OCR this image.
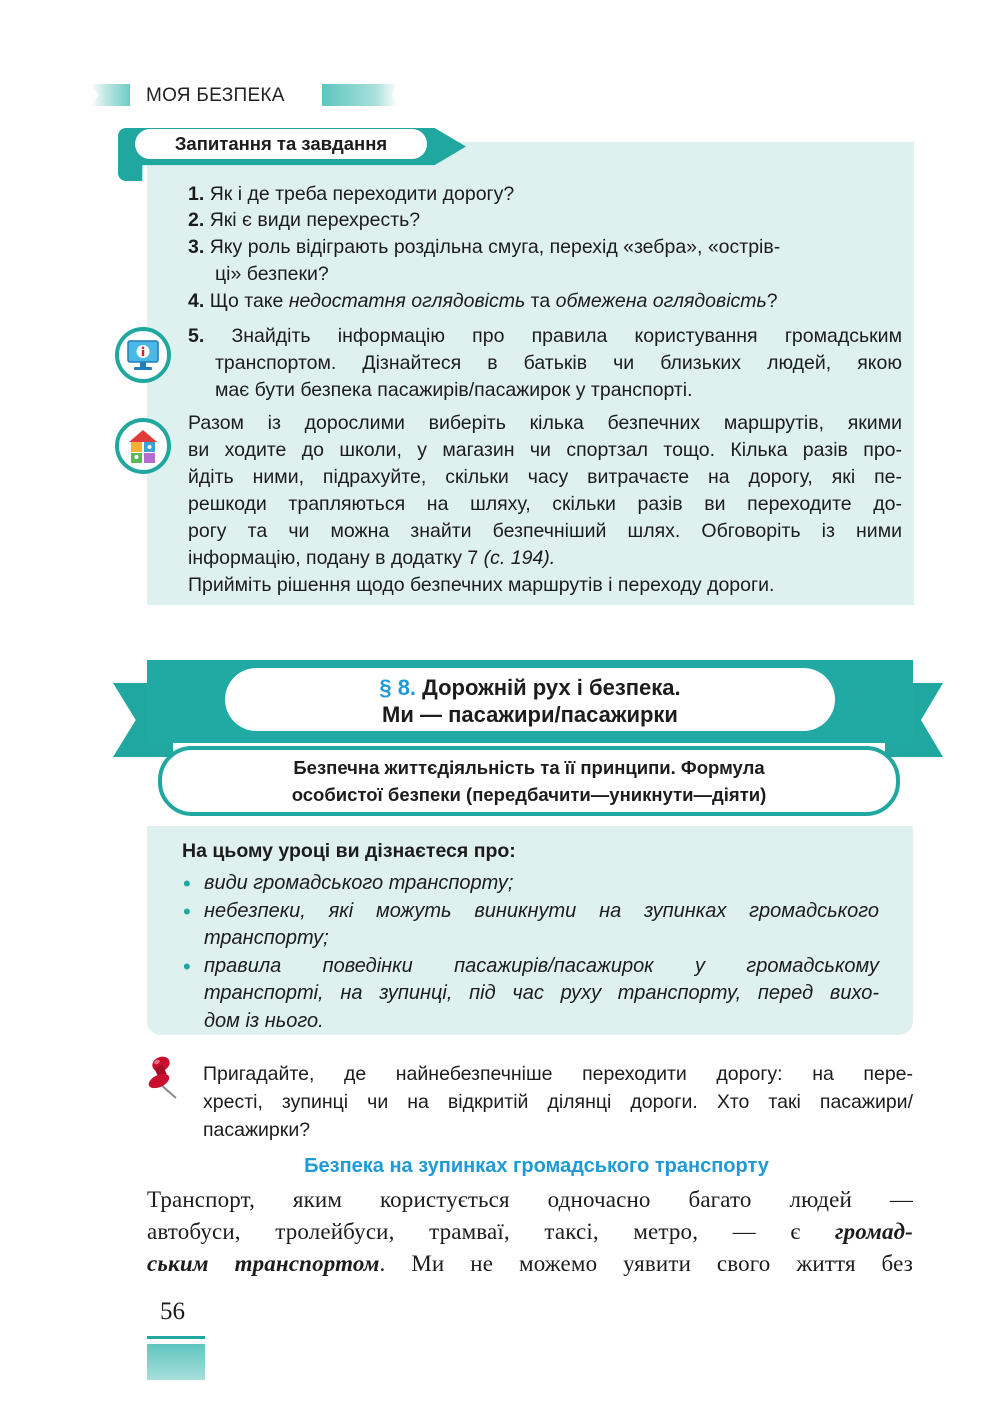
МОЯ БЕЗПЕКА
Запитання та завдання
1. Як і де треба переходити дорогу?
2. Які є види перехресть?
3. Яку роль відіграють роздільна смуга, перехід «зебра», «острів-
ці» безпеки?
4. Що таке недостатня оглядовість та обмежена оглядовість?
5. Знайдіть інформацію про правила користування громадським
транспортом. Дізнайтеся в батьків чи близьких людей, якою
має бути безпека пасажирів/пасажирок у транспорті.
Разом із дорослими виберіть кілька безпечних маршрутів, якими
ви ходите до школи, у магазин чи спортзал тощо. Кілька разів про-
йдіть ними, підрахуйте, скільки часу витрачаєте на дорогу, які пе-
решкоди трапляються на шляху, скільки разів ви переходите до-
рогу та чи можна знайти безпечніший шлях. Обговоріть із ними
інформацію, подану в додатку 7 (с. 194).
Прийміть рішення щодо безпечних маршрутів і переходу дороги.
§ 8. Дорожній рух і безпека.
Ми — пасажири/пасажирки
Безпечна життєдіяльність та її принципи. Формула
особистої безпеки (передбачити—уникнути—діяти)
На цьому уроці ви дізнаєтеся про:
• види громадського транспорту;
• небезпеки, які можуть виникнути на зупинках громадського
транспорту;
• правила поведінки пасажирів/пасажирок у громадському
транспорті, на зупинці, під час руху транспорту, перед вихо-
дом із нього.
Пригадайте, де найнебезпечніше переходити дорогу: на пере-
хресті, зупинці чи на відкритій ділянці дороги. Хто такі пасажири/
пасажирки?
Безпека на зупинках громадського транспорту
Транспорт, яким користується одночасно багато людей —
автобуси, тролейбуси, трамваї, таксі, метро, — є громад-
ським транспортом. Ми не можемо уявити свого життя без
56
